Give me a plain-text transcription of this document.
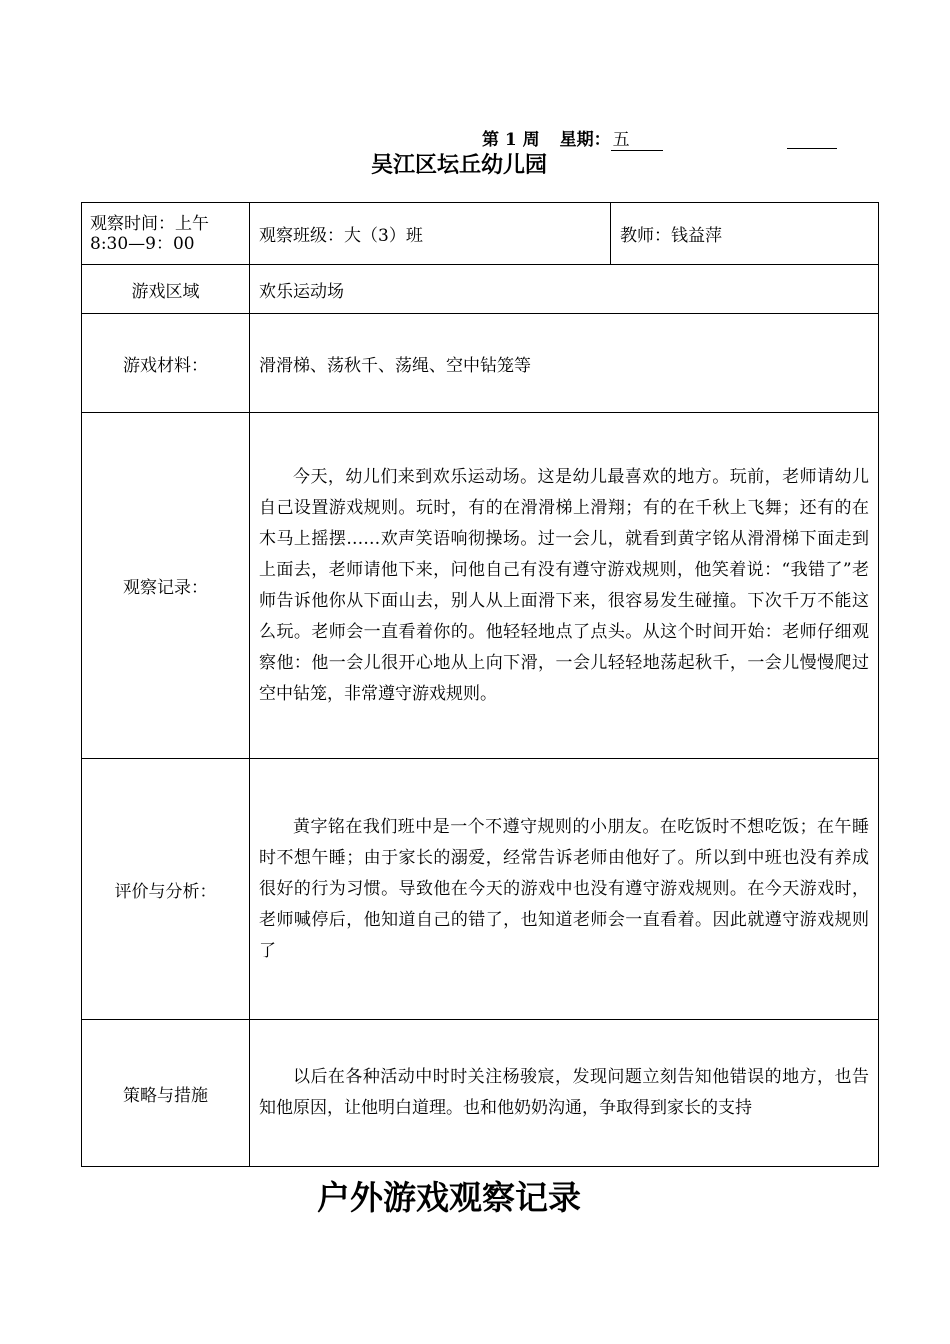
第 1 周 星期： 五
吴江区坛丘幼儿园
观察时间：上午 8:30—9：00	观察班级：大（3）班	教师：钱益萍
游戏区域	欢乐运动场	
游戏材料：	滑滑梯、荡秋千、荡绳、空中钻笼等	
观察记录：	今天，幼儿们来到欢乐运动场。这是幼儿最喜欢的地方。玩前，老师请幼儿自己设置游戏规则。玩时，有的在滑滑梯上滑翔；有的在千秋上飞舞；还有的在木马上摇摆……欢声笑语响彻操场。过一会儿，就看到黄字铭从滑滑梯下面走到上面去，老师请他下来，问他自己有没有遵守游戏规则，他笑着说：“我错了”老师告诉他你从下面山去，别人从上面滑下来，很容易发生碰撞。下次千万不能这么玩。老师会一直看着你的。他轻轻地点了点头。从这个时间开始：老师仔细观察他：他一会儿很开心地从上向下滑，一会儿轻轻地荡起秋千，一会儿慢慢爬过空中钻笼，非常遵守游戏规则。	

评价与分析：	黄字铭在我们班中是一个不遵守规则的小朋友。在吃饭时不想吃饭；在午睡时不想午睡；由于家长的溺爱，经常告诉老师由他好了。所以到中班也没有养成很好的行为习惯。导致他在今天的游戏中也没有遵守游戏规则。在今天游戏时，老师喊停后，他知道自己的错了，也知道老师会一直看着。因此就遵守游戏规则了	

策略与措施	以后在各种活动中时时关注杨骏宸，发现问题立刻告知他错误的地方，也告知他原因，让他明白道理。也和他奶奶沟通，争取得到家长的支持	
户外游戏观察记录
